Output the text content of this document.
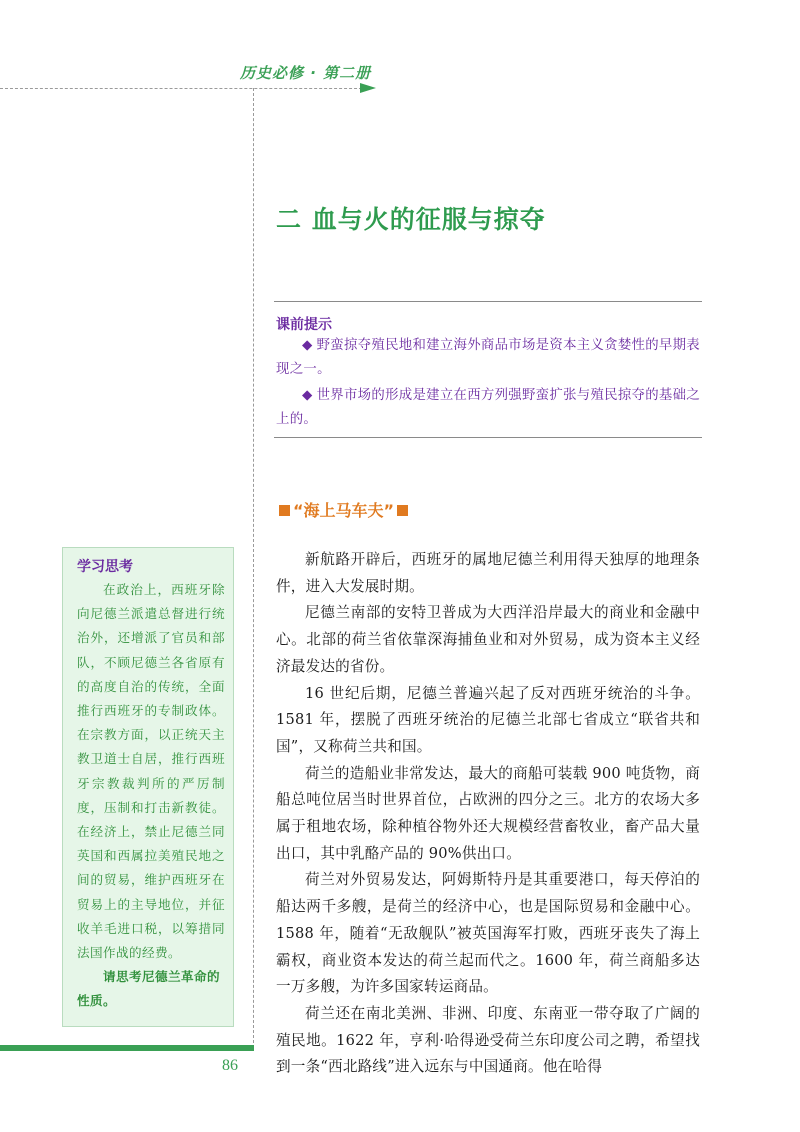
历史必修 · 第二册
二 血与火的征服与掠夺
课前提示
◆ 野蛮掠夺殖民地和建立海外商品市场是资本主义贪婪性的早期表现之一。
◆ 世界市场的形成是建立在西方列强野蛮扩张与殖民掠夺的基础之上的。
“海上马车夫”
学习思考

在政治上，西班牙除向尼德兰派遣总督进行统治外，还增派了官员和部队，不顾尼德兰各省原有的高度自治的传统，全面推行西班牙的专制政体。在宗教方面，以正统天主教卫道士自居，推行西班牙宗教裁判所的严厉制度，压制和打击新教徒。在经济上，禁止尼德兰同英国和西属拉美殖民地之间的贸易，维护西班牙在贸易上的主导地位，并征收羊毛进口税，以筹措同法国作战的经费。

请思考尼德兰革命的性质。

新航路开辟后，西班牙的属地尼德兰利用得天独厚的地理条件，进入大发展时期。

尼德兰南部的安特卫普成为大西洋沿岸最大的商业和金融中心。北部的荷兰省依靠深海捕鱼业和对外贸易，成为资本主义经济最发达的省份。

16 世纪后期，尼德兰普遍兴起了反对西班牙统治的斗争。1581 年，摆脱了西班牙统治的尼德兰北部七省成立“联省共和国”，又称荷兰共和国。

荷兰的造船业非常发达，最大的商船可装载 900 吨货物，商船总吨位居当时世界首位，占欧洲的四分之三。北方的农场大多属于租地农场，除种植谷物外还大规模经营畜牧业，畜产品大量出口，其中乳酪产品的 90%供出口。

荷兰对外贸易发达，阿姆斯特丹是其重要港口，每天停泊的船达两千多艘，是荷兰的经济中心，也是国际贸易和金融中心。1588 年，随着“无敌舰队”被英国海军打败，西班牙丧失了海上霸权，商业资本发达的荷兰起而代之。1600 年，荷兰商船多达一万多艘，为许多国家转运商品。

荷兰还在南北美洲、非洲、印度、东南亚一带夺取了广阔的殖民地。1622 年，亨利·哈得逊受荷兰东印度公司之聘，希望找到一条“西北路线”进入远东与中国通商。他在哈得

86
